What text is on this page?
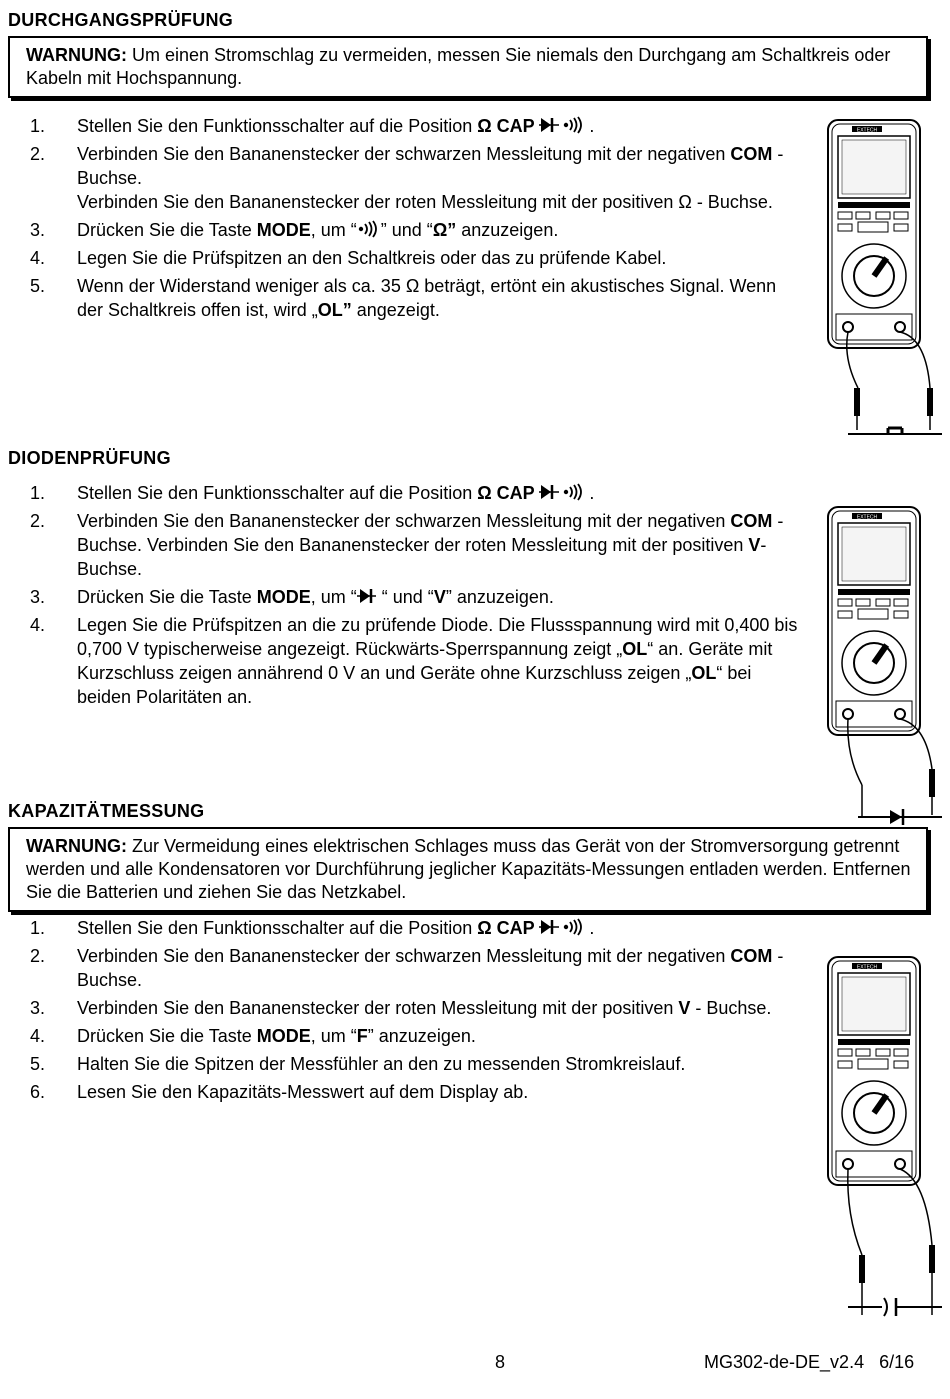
DURCHGANGSPRÜFUNG
WARNUNG: Um einen Stromschlag zu vermeiden, messen Sie niemals den Durchgang am Schaltkreis oder Kabeln mit Hochspannung.
1. Stellen Sie den Funktionsschalter auf die Position Ω CAP	.
2. Verbinden Sie den Bananenstecker der schwarzen Messleitung mit der negativen COM -Buchse.
Verbinden Sie den Bananenstecker der roten Messleitung mit der positiven Ω - Buchse.
3. Drücken Sie die Taste MODE, um “ ” und “Ω” anzuzeigen.
4. Legen Sie die Prüfspitzen an den Schaltkreis oder das zu prüfende Kabel.
5. Wenn der Widerstand weniger als ca. 35 Ω beträgt, ertönt ein akustisches Signal. Wenn der Schaltkreis offen ist, wird „OL” angezeigt.
DIODENPRÜFUNG
1. Stellen Sie den Funktionsschalter auf die Position Ω CAP	.
2. Verbinden Sie den Bananenstecker der schwarzen Messleitung mit der negativen COM -Buchse. Verbinden Sie den Bananenstecker der roten Messleitung mit der positiven V-Buchse.
3. Drücken Sie die Taste MODE, um “ “ und “V” anzuzeigen.
4. Legen Sie die Prüfspitzen an die zu prüfende Diode. Die Flussspannung wird mit 0,400 bis 0,700 V typischerweise angezeigt. Rückwärts-Sperrspannung zeigt „OL“ an. Geräte mit Kurzschluss zeigen annährend 0 V an und Geräte ohne Kurzschluss zeigen „OL“ bei beiden Polaritäten an.
KAPAZITÄTMESSUNG
WARNUNG: Zur Vermeidung eines elektrischen Schlages muss das Gerät von der Stromversorgung getrennt werden und alle Kondensatoren vor Durchführung jeglicher Kapazitäts-Messungen entladen werden. Entfernen Sie die Batterien und ziehen Sie das Netzkabel.
1. Stellen Sie den Funktionsschalter auf die Position Ω CAP	.
2. Verbinden Sie den Bananenstecker der schwarzen Messleitung mit der negativen COM -Buchse.
3. Verbinden Sie den Bananenstecker der roten Messleitung mit der positiven V - Buchse.
4. Drücken Sie die Taste MODE, um “F” anzuzeigen.
5. Halten Sie die Spitzen der Messfühler an den zu messenden Stromkreislauf.
6. Lesen Sie den Kapazitäts-Messwert auf dem Display ab.
EXTECH
EXTECH
EXTECH
8	MG302-de-DE_v2.4   6/16
